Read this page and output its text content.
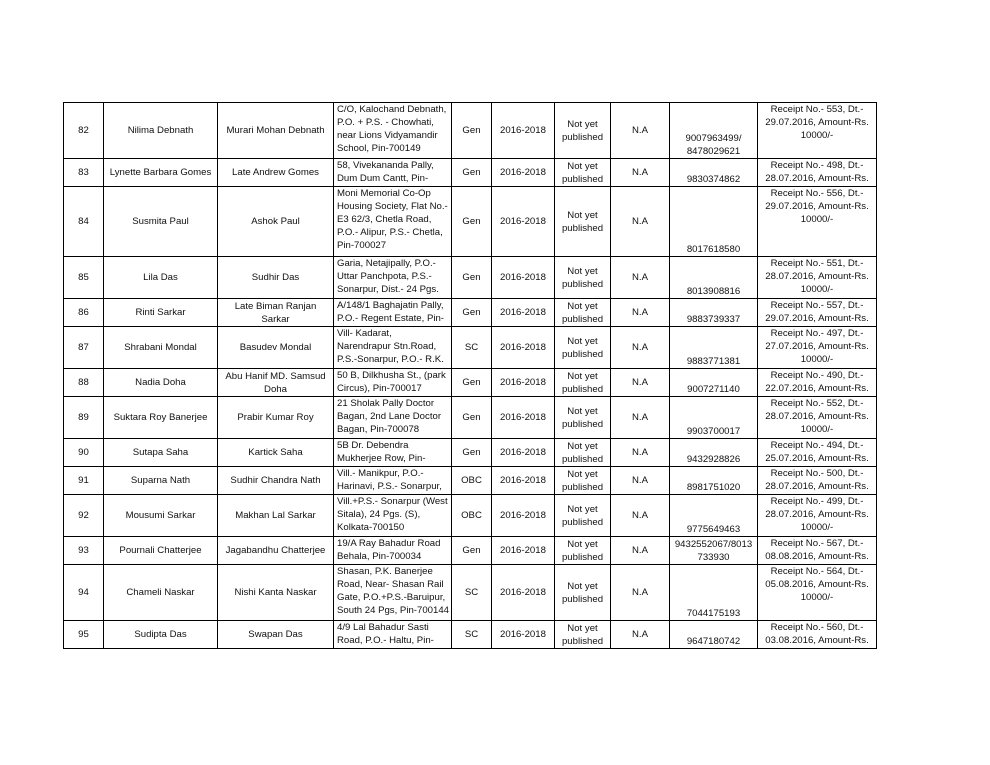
82	Nilima Debnath	Murari Mohan Debnath	C/O, Kalochand Debnath,
P.O. + P.S. - Chowhati,
near Lions Vidyamandir
School, Pin-700149	Gen	2016-2018	Not yet
published	N.A	9007963499/
8478029621	Receipt No.- 553, Dt.-
29.07.2016, Amount-Rs.
10000/-

83	Lynette Barbara Gomes	Late Andrew Gomes	58, Vivekananda Pally,
Dum Dum Cantt, Pin-	Gen	2016-2018	Not yet
published	N.A	9830374862	Receipt No.- 498, Dt.-
28.07.2016, Amount-Rs.

84	Susmita Paul	Ashok Paul	Moni Memorial Co-Op
Housing Society, Flat No.-
E3 62/3, Chetla Road,
P.O.- Alipur, P.S.- Chetla,
Pin-700027	Gen	2016-2018	Not yet
published	N.A	8017618580	Receipt No.- 556, Dt.-
29.07.2016, Amount-Rs.
10000/-

85	Lila Das	Sudhir Das	Garia, Netajipally, P.O.-
Uttar Panchpota, P.S.-
Sonarpur, Dist.- 24 Pgs.	Gen	2016-2018	Not yet
published	N.A	8013908816	Receipt No.- 551, Dt.-
28.07.2016, Amount-Rs.
10000/-

86	Rinti Sarkar	Late Biman Ranjan Sarkar	A/148/1 Baghajatin Pally,
P.O.- Regent Estate, Pin-	Gen	2016-2018	Not yet
published	N.A	9883739337	Receipt No.- 557, Dt.-
29.07.2016, Amount-Rs.

87	Shrabani Mondal	Basudev Mondal	Vill- Kadarat,
Narendrapur Stn.Road,
P.S.-Sonarpur, P.O.- R.K.	SC	2016-2018	Not yet
published	N.A	9883771381	Receipt No.- 497, Dt.-
27.07.2016, Amount-Rs.
10000/-

88	Nadia Doha	Abu Hanif MD. Samsud
Doha	50 B, Dilkhusha St., (park
Circus), Pin-700017	Gen	2016-2018	Not yet
published	N.A	9007271140	Receipt No.- 490, Dt.-
22.07.2016, Amount-Rs.

89	Suktara Roy Banerjee	Prabir Kumar Roy	21 Sholak Pally Doctor
Bagan, 2nd Lane Doctor
Bagan, Pin-700078	Gen	2016-2018	Not yet
published	N.A	9903700017	Receipt No.- 552, Dt.-
28.07.2016, Amount-Rs.
10000/-

90	Sutapa Saha	Kartick Saha	5B Dr. Debendra
Mukherjee Row, Pin-	Gen	2016-2018	Not yet
published	N.A	9432928826	Receipt No.- 494, Dt.-
25.07.2016, Amount-Rs.

91	Suparna Nath	Sudhir Chandra Nath	Vill.- Manikpur, P.O.-
Harinavi, P.S.- Sonarpur,	OBC	2016-2018	Not yet
published	N.A	8981751020	Receipt No.- 500, Dt.-
28.07.2016, Amount-Rs.

92	Mousumi Sarkar	Makhan Lal Sarkar	Vill.+P.S.- Sonarpur (West
Sitala), 24 Pgs. (S),
Kolkata-700150	OBC	2016-2018	Not yet
published	N.A	9775649463	Receipt No.- 499, Dt.-
28.07.2016, Amount-Rs.
10000/-

93	Pournali Chatterjee	Jagabandhu Chatterjee	19/A Ray Bahadur Road
Behala, Pin-700034	Gen	2016-2018	Not yet
published	N.A	9432552067/8013
733930	Receipt No.- 567, Dt.-
08.08.2016, Amount-Rs.

94	Chameli Naskar	Nishi Kanta Naskar	Shasan, P.K. Banerjee
Road, Near- Shasan Rail
Gate, P.O.+P.S.-Baruipur,
South 24 Pgs, Pin-700144	SC	2016-2018	Not yet
published	N.A	7044175193	Receipt No.- 564, Dt.-
05.08.2016, Amount-Rs.
10000/-

95	Sudipta Das	Swapan Das	4/9 Lal Bahadur Sasti
Road, P.O.- Haltu, Pin-	SC	2016-2018	Not yet
published	N.A	9647180742	Receipt No.- 560, Dt.-
03.08.2016, Amount-Rs.
